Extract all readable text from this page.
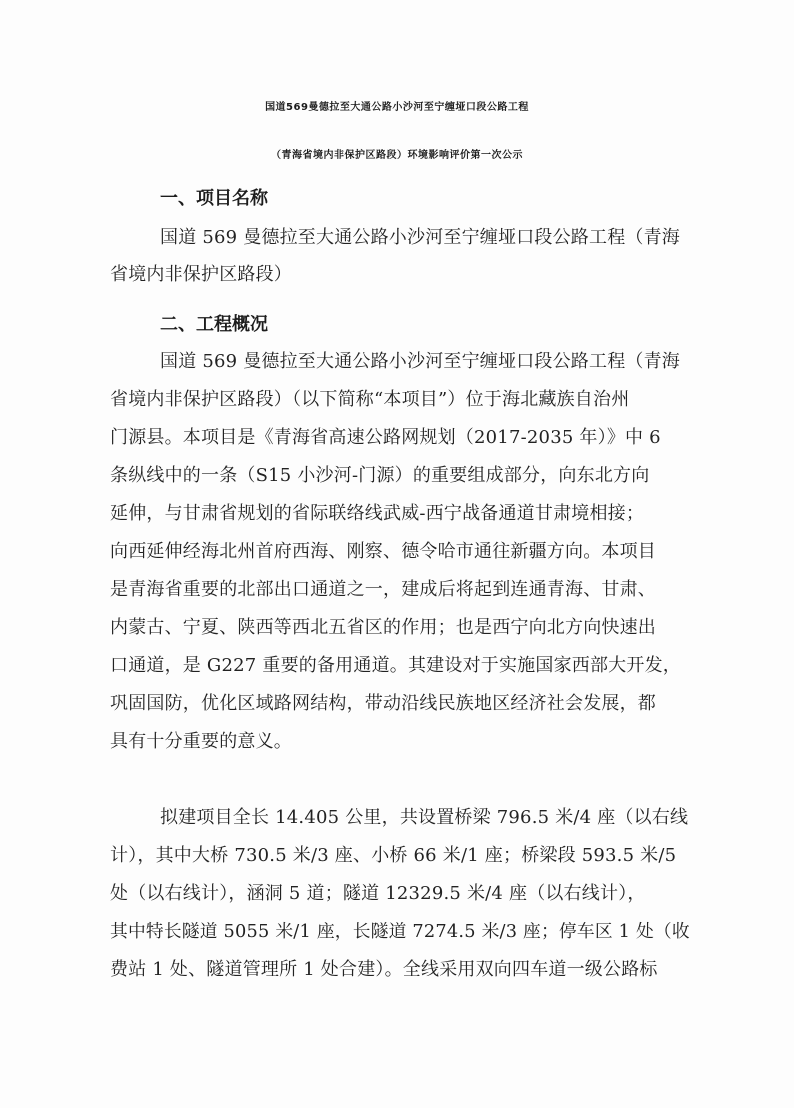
国道569曼德拉至大通公路小沙河至宁缠垭口段公路工程
（青海省境内非保护区路段）环境影响评价第一次公示
一、项目名称
国道 569 曼德拉至大通公路小沙河至宁缠垭口段公路工程（青海
省境内非保护区路段）
二、工程概况
国道 569 曼德拉至大通公路小沙河至宁缠垭口段公路工程（青海
省境内非保护区路段）（以下简称“本项目”）位于海北藏族自治州
门源县。本项目是《青海省高速公路网规划（2017-2035 年）》中 6
条纵线中的一条（S15 小沙河-门源）的重要组成部分，向东北方向
延伸，与甘肃省规划的省际联络线武威-西宁战备通道甘肃境相接；
向西延伸经海北州首府西海、刚察、德令哈市通往新疆方向。本项目
是青海省重要的北部出口通道之一，建成后将起到连通青海、甘肃、
内蒙古、宁夏、陕西等西北五省区的作用；也是西宁向北方向快速出
口通道，是 G227 重要的备用通道。其建设对于实施国家西部大开发，
巩固国防，优化区域路网结构，带动沿线民族地区经济社会发展，都
具有十分重要的意义。
拟建项目全长 14.405 公里，共设置桥梁 796.5 米/4 座（以右线
计），其中大桥 730.5 米/3 座、小桥 66 米/1 座；桥梁段 593.5 米/5
处（以右线计），涵洞 5 道；隧道 12329.5 米/4 座（以右线计），
其中特长隧道 5055 米/1 座，长隧道 7274.5 米/3 座；停车区 1 处（收
费站 1 处、隧道管理所 1 处合建）。全线采用双向四车道一级公路标
